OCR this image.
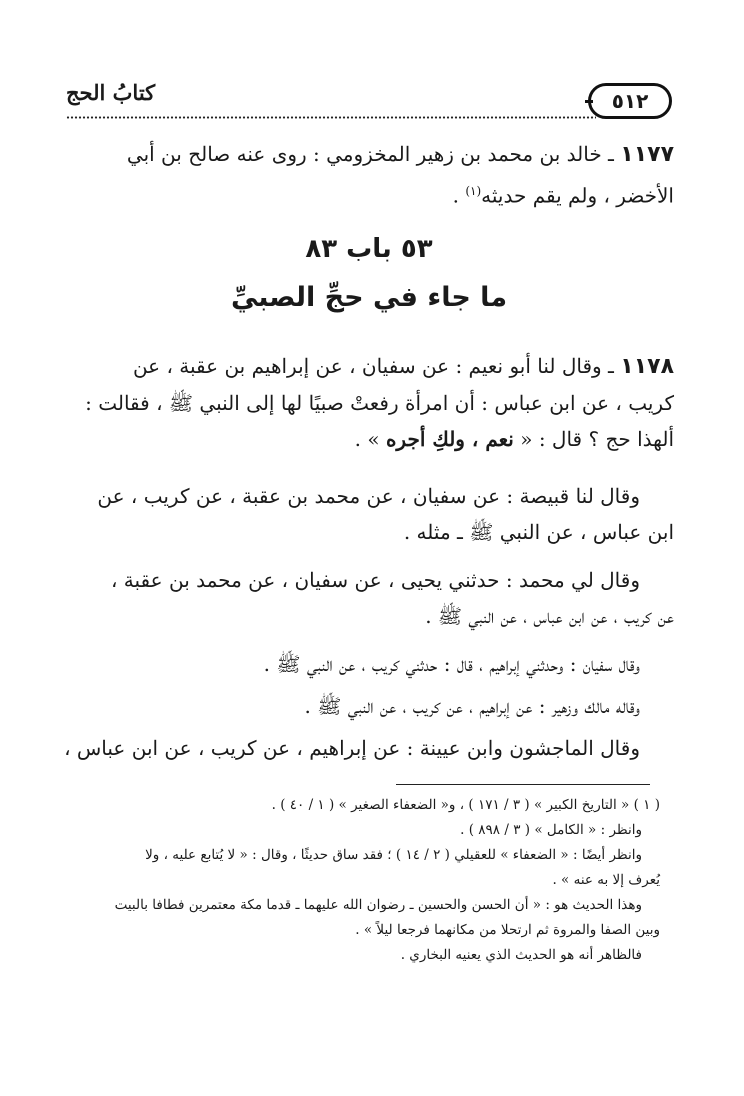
كتابُ الحج	٥١٢
١١٧٧ ـ خالد بن محمد بن زهير المخزومي : روى عنه صالح بن أبي
الأخضر ، ولم يقم حديثه$^{(١)}$ .
٥٣ باب ٨٣
ما جاء في حجِّ الصبيِّ
١١٧٨ ـ وقال لنا أبو نعيم : عن سفيان ، عن إبراهيم بن عقبة ، عن
كريب ، عن ابن عباس : أن امرأة رفعتْ صبيًا لها إلى النبي ﷺ ، فقالت :
ألهذا حج ؟ قال : « نعم ، ولكِ أجره » .
وقال لنا قبيصة : عن سفيان ، عن محمد بن عقبة ، عن كريب ، عن
ابن عباس ، عن النبي ﷺ ـ مثله .
وقال لي محمد : حدثني يحيى ، عن سفيان ، عن محمد بن عقبة ،
عن كريب ، عن ابن عباس ، عن النبي ﷺ .
وقال سفيان : وحدثني إبراهيم ، قال : حدثني كريب ، عن النبي ﷺ .
وقاله مالك وزهير : عن إبراهيم ، عن كريب ، عن النبي ﷺ .
وقال الماجشون وابن عيينة : عن إبراهيم ، عن كريب ، عن ابن عباس ،
( ١ ) « التاريخ الكبير » ( ٣ / ١٧١ ) ، و« الضعفاء الصغير » ( ١ / ٤٠ ) .
وانظر : « الكامل » ( ٣ / ٨٩٨ ) .
وانظر أيضًا : « الضعفاء » للعقيلي ( ٢ / ١٤ ) ؛ فقد ساق حديثًا ، وقال : « لا يُتابع عليه ، ولا
يُعرف إلا به عنه » .
وهذا الحديث هو : « أن الحسن والحسين ـ رضوان الله عليهما ـ قدما مكة معتمرين فطافا بالبيت
وبين الصفا والمروة ثم ارتحلا من مكانهما فرجعا ليلاً » .
فالظاهر أنه هو الحديث الذي يعنيه البخاري .
